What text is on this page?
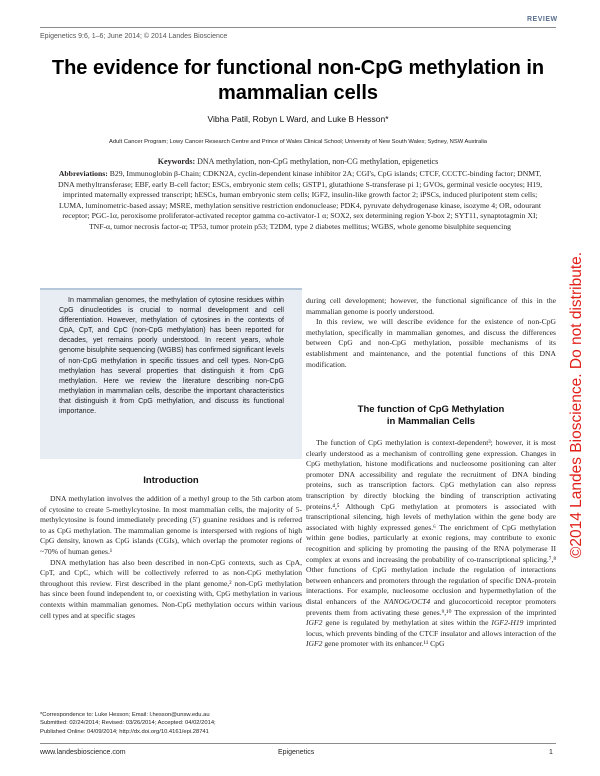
REVIEW
Epigenetics 9:6, 1–6; June 2014; © 2014 Landes Bioscience
The evidence for functional non-CpG methylation in mammalian cells
Vibha Patil, Robyn L Ward, and Luke B Hesson*
Adult Cancer Program; Lowy Cancer Research Centre and Prince of Wales Clinical School; University of New South Wales; Sydney, NSW Australia
Keywords: DNA methylation, non-CpG methylation, non-CG methylation, epigenetics
Abbreviations: B29, Immunoglobin β-Chain; CDKN2A, cyclin-dependent kinase inhibitor 2A; CGI's, CpG islands; CTCF, CCCTC-binding factor; DNMT, DNA methyltransferase; EBF, early B-cell factor; ESCs, embryonic stem cells; GSTP1, glutathione S-transferase pi 1; GVOs, germinal vesicle oocytes; H19, imprinted maternally expressed transcript; hESCs, human embryonic stem cells; IGF2, insulin-like growth factor 2; iPSCs, induced pluripotent stem cells; LUMA, luminometric-based assay; MSRE, methylation sensitive restriction endonuclease; PDK4, pyruvate dehydrogenase kinase, isozyme 4; OR, odourant receptor; PGC-1α, peroxisome proliferator-activated receptor gamma co-activator-1 α; SOX2, sex determining region Y-box 2; SYT11, synaptotagmin XI; TNF-α, tumor necrosis factor-α; TP53, tumor protein p53; T2DM, type 2 diabetes mellitus; WGBS, whole genome bisulphite sequencing
©2014 Landes Bioscience. Do not distribute.
In mammalian genomes, the methylation of cytosine residues within CpG dinucleotides is crucial to normal development and cell differentiation. However, methylation of cytosines in the contexts of CpA, CpT, and CpC (non-CpG methylation) has been reported for decades, yet remains poorly understood. In recent years, whole genome bisulphite sequencing (WGBS) has confirmed significant levels of non-CpG methylation in specific tissues and cell types. Non-CpG methylation has several properties that distinguish it from CpG methylation. Here we review the literature describing non-CpG methylation in mammalian cells, describe the important characteristics that distinguish it from CpG methylation, and discuss its functional importance.
Introduction

DNA methylation involves the addition of a methyl group to the 5th carbon atom of cytosine to create 5-methylcytosine. In most mammalian cells, the majority of 5-methylcytosine is found immediately preceding (5′) guanine residues and is referred to as CpG methylation. The mammalian genome is interspersed with regions of high CpG density, known as CpG islands (CGIs), which overlap the promoter regions of ~70% of human genes.¹

DNA methylation has also been described in non-CpG contexts, such as CpA, CpT, and CpC, which will be collectively referred to as non-CpG methylation throughout this review. First described in the plant genome,² non-CpG methylation has since been found independent to, or coexisting with, CpG methylation in various contexts within mammalian genomes. Non-CpG methylation occurs within various cell types and at specific stages

during cell development; however, the functional significance of this in the mammalian genome is poorly understood.

In this review, we will describe evidence for the existence of non-CpG methylation, specifically in mammalian genomes, and discuss the differences between CpG and non-CpG methylation, possible mechanisms of its establishment and maintenance, and the potential functions of this DNA modification.

The function of CpG Methylation
in Mammalian Cells

The function of CpG methylation is context-dependent³; however, it is most clearly understood as a mechanism of controlling gene expression. Changes in CpG methylation, histone modifications and nucleosome positioning can alter promoter DNA accessibility and regulate the recruitment of DNA binding proteins, such as transcription factors. CpG methylation can also repress transcription by directly blocking the binding of transcription activating proteins.⁴,⁵ Although CpG methylation at promoters is associated with transcriptional silencing, high levels of methylation within the gene body are associated with highly expressed genes.⁶ The enrichment of CpG methylation within gene bodies, particularly at exonic regions, may contribute to exonic recognition and splicing by promoting the pausing of the RNA polymerase II complex at exons and increasing the probability of co-transcriptional splicing.⁷,⁸ Other functions of CpG methylation include the regulation of interactions between enhancers and promoters through the regulation of specific DNA-protein interactions. For example, nucleosome occlusion and hypermethylation of the distal enhancers of the NANOG/OCT4 and glucocorticoid receptor promoters prevents them from activating these genes.⁹,¹⁰ The expression of the imprinted IGF2 gene is regulated by methylation at sites within the IGF2-H19 imprinted locus, which prevents binding of the CTCF insulator and allows interaction of the IGF2 gene promoter with its enhancer.¹¹ CpG

*Correspondence to: Luke Hesson; Email: l.hesson@unsw.edu.au
Submitted: 02/24/2014; Revised: 03/26/2014; Accepted: 04/02/2014;
Published Online: 04/09/2014; http://dx.doi.org/10.4161/epi.28741
www.landesbioscience.com	Epigenetics	1
